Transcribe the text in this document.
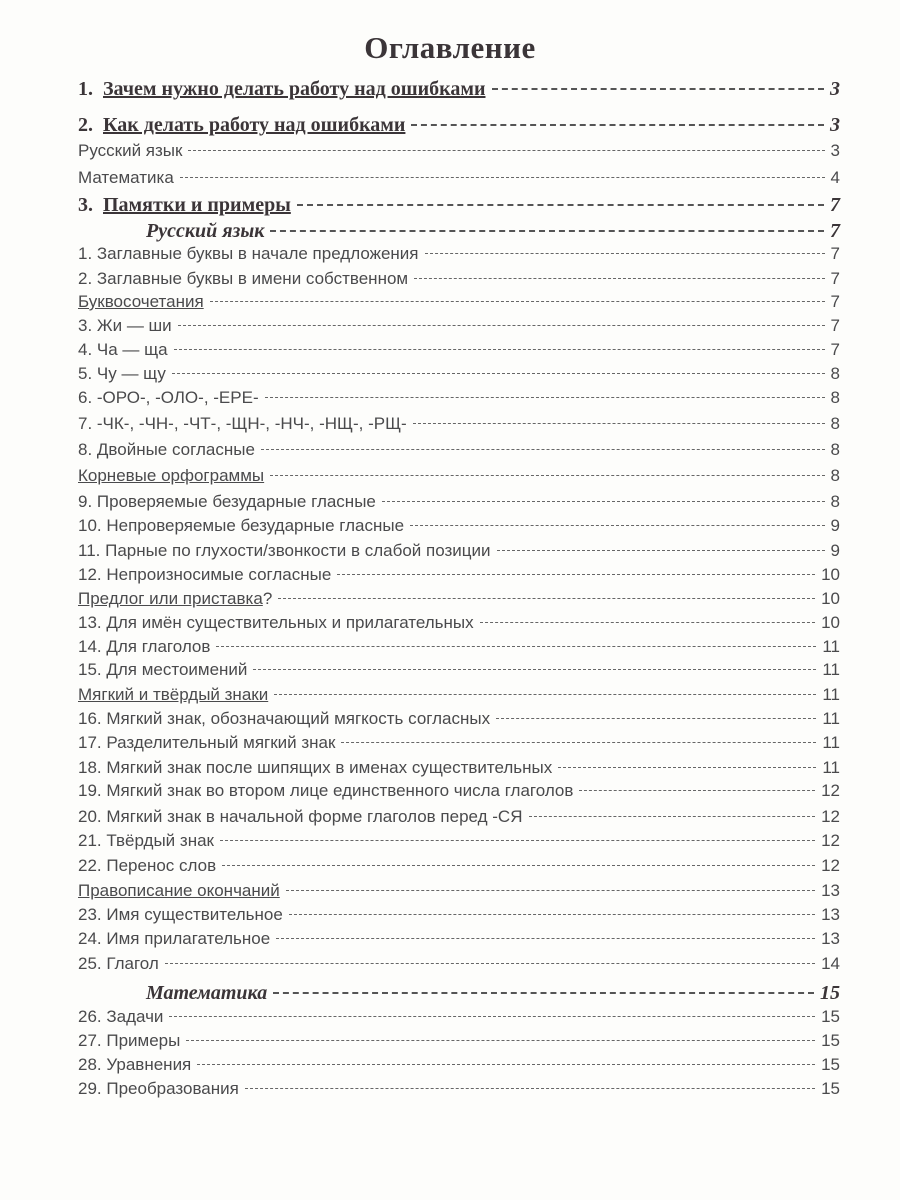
Оглавление
1.  Зачем нужно делать работу над ошибками	3
2.  Как делать работу над ошибками	3
Русский язык	3
Математика	4
3.  Памятки и примеры	7
Русский язык	7
1. Заглавные буквы в начале предложения	7
2. Заглавные буквы в имени собственном	7
Буквосочетания	7
3. Жи — ши	7
4. Ча — ща	7
5. Чу — щу	8
6. -ОРО-, -ОЛО-, -ЕРЕ-	8
7. -ЧК-, -ЧН-, -ЧТ-, -ЩН-, -НЧ-, -НЩ-, -РЩ-	8
8. Двойные согласные	8
Корневые орфограммы	8
9. Проверяемые безударные гласные	8
10. Непроверяемые безударные гласные	9
11. Парные по глухости/звонкости в слабой позиции	9
12. Непроизносимые согласные	10
Предлог или приставка?	10
13. Для имён существительных и прилагательных	10
14. Для глаголов	11
15. Для местоимений	11
Мягкий и твёрдый знаки	11
16. Мягкий знак, обозначающий мягкость согласных	11
17. Разделительный мягкий знак	11
18. Мягкий знак после шипящих в именах существительных	11
19. Мягкий знак во втором лице единственного числа глаголов	12
20. Мягкий знак в начальной форме глаголов перед -СЯ	12
21. Твёрдый знак	12
22. Перенос слов	12
Правописание окончаний	13
23. Имя существительное	13
24. Имя прилагательное	13
25. Глагол	14
Математика	15
26. Задачи	15
27. Примеры	15
28. Уравнения	15
29. Преобразования	15
